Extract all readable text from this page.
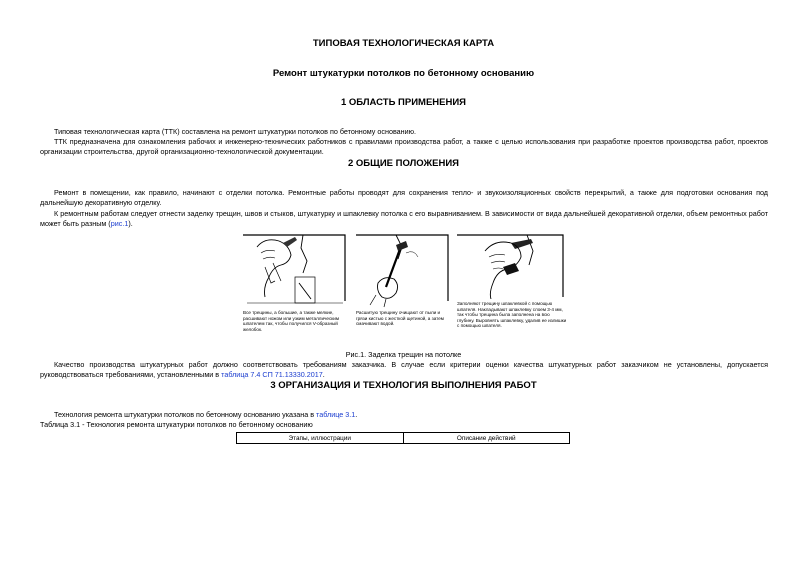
ТИПОВАЯ ТЕХНОЛОГИЧЕСКАЯ КАРТА
Ремонт штукатурки потолков по бетонному основанию
1 ОБЛАСТЬ ПРИМЕНЕНИЯ
Типовая технологическая карта (ТТК) составлена на ремонт штукатурки потолков по бетонному основанию.
ТТК предназначена для ознакомления рабочих и инженерно-технических работников с правилами производства работ, а также с целью использования при разработке проектов производства работ, проектов организации строительства, другой организационно-технологической документации.
2 ОБЩИЕ ПОЛОЖЕНИЯ
Ремонт в помещении, как правило, начинают с отделки потолка. Ремонтные работы проводят для сохранения тепло- и звукоизоляционных свойств перекрытий, а также для подготовки основания под дальнейшую декоративную отделку.
К ремонтным работам следует отнести заделку трещин, швов и стыков, штукатурку и шпаклевку потолка с его выравниванием. В зависимости от вида дальнейшей декоративной отделки, объем ремонтных работ может быть разным (рис.1).
Все трещины, а большие, а также мелкие, расшивают ножом или узким металлическим шпателем так, чтобы получился V-образный желобок.
Расшитую трещину очищают от пыли и грязи кистью с жесткой щетиной, а затем смачивают водой.
Заполняют трещину шпаклевкой с помощью шпателя. Накладывают шпаклевку слоем 3-4 мм, так чтобы трещина была заполнена на всю глубину. Выровнять шпаклевку, удалив ее излишки с помощью шпателя.
Рис.1. Заделка трещин на потолке
Качество производства штукатурных работ должно соответствовать требованиям заказчика. В случае если критерии оценки качества штукатурных работ заказчиком не установлены, допускается руководствоваться требованиями, установленными в таблица 7.4 СП 71.13330.2017.
3 ОРГАНИЗАЦИЯ И ТЕХНОЛОГИЯ ВЫПОЛНЕНИЯ РАБОТ
Технология ремонта штукатурки потолков по бетонному основанию указана в таблице 3.1.
Таблица 3.1 - Технология ремонта штукатурки потолков по бетонному основанию
Этапы, иллюстрации	Описание действий
